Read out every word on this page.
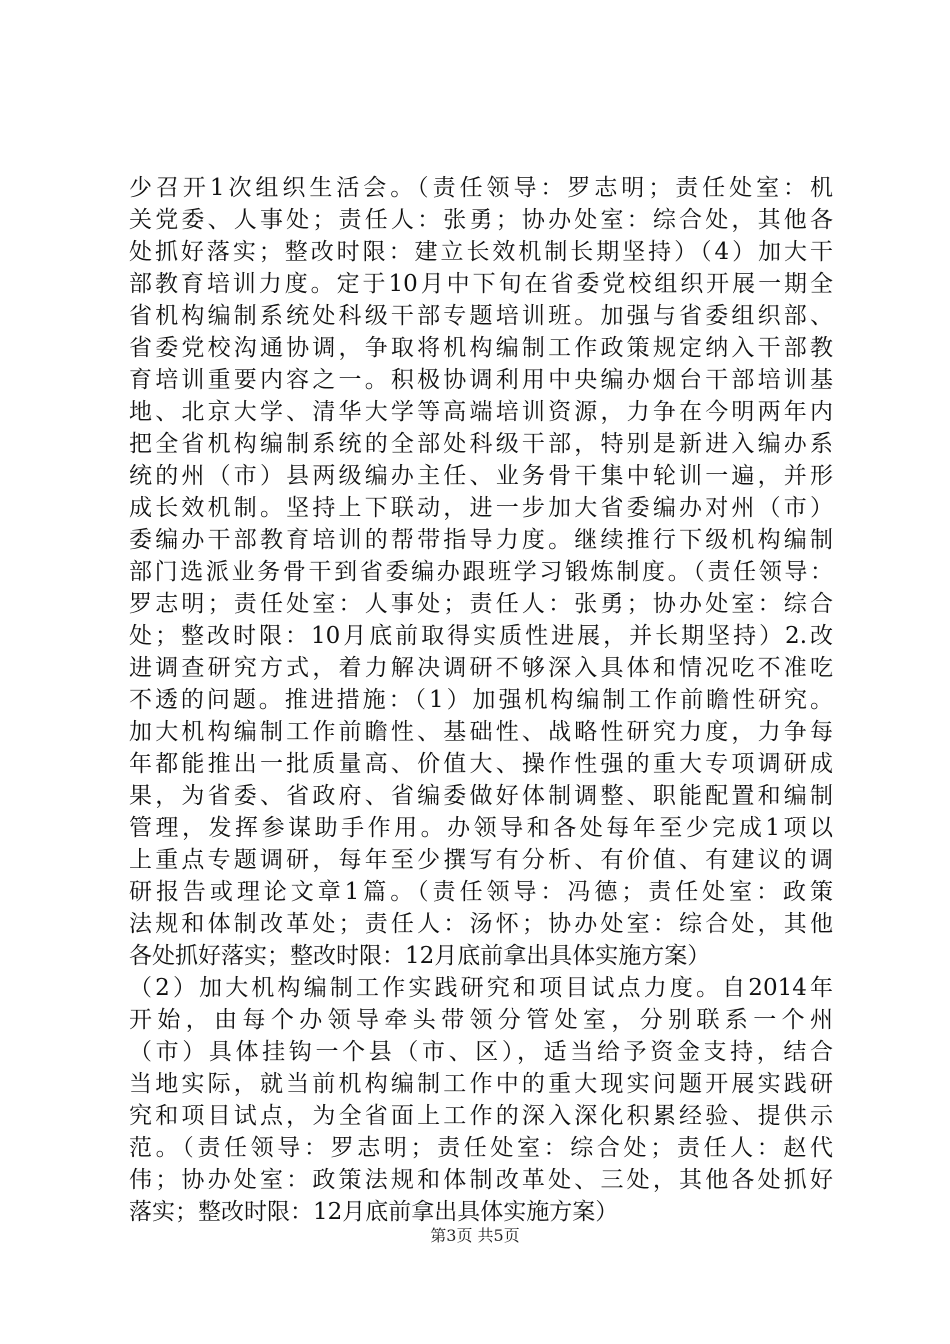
少召开1次组织生活会。（责任领导：罗志明；责任处室：机
关党委、人事处；责任人：张勇；协办处室：综合处，其他各
处抓好落实；整改时限：建立长效机制长期坚持）（4）加大干
部教育培训力度。定于10月中下旬在省委党校组织开展一期全
省机构编制系统处科级干部专题培训班。加强与省委组织部、
省委党校沟通协调，争取将机构编制工作政策规定纳入干部教
育培训重要内容之一。积极协调利用中央编办烟台干部培训基
地、北京大学、清华大学等高端培训资源，力争在今明两年内
把全省机构编制系统的全部处科级干部，特别是新进入编办系
统的州（市）县两级编办主任、业务骨干集中轮训一遍，并形
成长效机制。坚持上下联动，进一步加大省委编办对州（市）
委编办干部教育培训的帮带指导力度。继续推行下级机构编制
部门选派业务骨干到省委编办跟班学习锻炼制度。（责任领导：
罗志明；责任处室：人事处；责任人：张勇；协办处室：综合
处；整改时限：10月底前取得实质性进展，并长期坚持）2.改
进调查研究方式，着力解决调研不够深入具体和情况吃不准吃
不透的问题。推进措施：（1）加强机构编制工作前瞻性研究。
加大机构编制工作前瞻性、基础性、战略性研究力度，力争每
年都能推出一批质量高、价值大、操作性强的重大专项调研成
果，为省委、省政府、省编委做好体制调整、职能配置和编制
管理，发挥参谋助手作用。办领导和各处每年至少完成1项以
上重点专题调研，每年至少撰写有分析、有价值、有建议的调
研报告或理论文章1篇。（责任领导：冯德；责任处室：政策
法规和体制改革处；责任人：汤怀；协办处室：综合处，其他
各处抓好落实；整改时限：12月底前拿出具体实施方案）
（2）加大机构编制工作实践研究和项目试点力度。自2014年
开始，由每个办领导牵头带领分管处室，分别联系一个州
（市）具体挂钩一个县（市、区），适当给予资金支持，结合
当地实际，就当前机构编制工作中的重大现实问题开展实践研
究和项目试点，为全省面上工作的深入深化积累经验、提供示
范。（责任领导：罗志明；责任处室：综合处；责任人：赵代
伟；协办处室：政策法规和体制改革处、三处，其他各处抓好
落实；整改时限：12月底前拿出具体实施方案）
第3页 共5页
